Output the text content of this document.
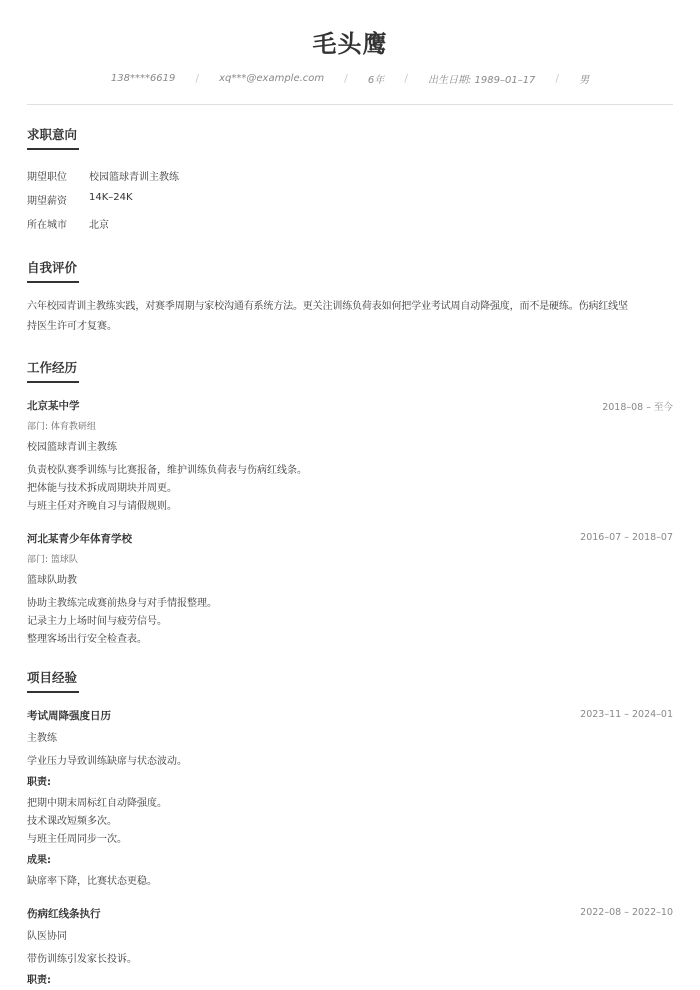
毛头鹰
138****6619 / xq***@example.com / 6年 / 出生日期: 1989–01–17 / 男
求职意向
期望职位	校园篮球青训主教练
期望薪资	14K–24K
所在城市	北京
自我评价
六年校园青训主教练实践，对赛季周期与家校沟通有系统方法。更关注训练负荷表如何把学业考试周自动降强度，而不是硬练。伤病红线坚
持医生许可才复赛。
工作经历
北京某中学	2018–08 – 至今
部门: 体育教研组
校园篮球青训主教练
负责校队赛季训练与比赛报备，维护训练负荷表与伤病红线条。
把体能与技术拆成周期块并周更。
与班主任对齐晚自习与请假规则。
河北某青少年体育学校	2016–07 – 2018–07
部门: 篮球队
篮球队助教
协助主教练完成赛前热身与对手情报整理。
记录主力上场时间与疲劳信号。
整理客场出行安全检查表。
项目经验
考试周降强度日历	2023–11 – 2024–01
主教练
学业压力导致训练缺席与状态波动。
职责:
把期中期末周标红自动降强度。
技术课改短频多次。
与班主任周同步一次。
成果:
缺席率下降，比赛状态更稳。
伤病红线条执行	2022–08 – 2022–10
队医协同
带伤训练引发家长投诉。
职责:
